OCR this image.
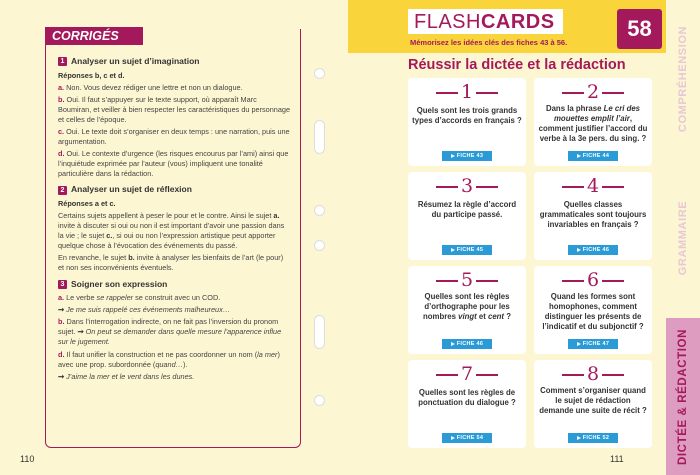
CORRIGÉS
1 Analyser un sujet d’imagination
Réponses b, c et d.

a. Non. Vous devez rédiger une lettre et non un dialogue.

b. Oui. Il faut s’appuyer sur le texte support, où apparaît Marc Boumiran, et veiller à bien respecter les caractéristiques du personnage et celles de l’époque.

c. Oui. Le texte doit s’organiser en deux temps : une narration, puis une argumentation.

d. Oui. Le contexte d’urgence (les risques encourus par l’ami) ainsi que l’inquiétude exprimée par l’auteur (vous) impliquent une tonalité particulière dans la rédaction.

2 Analyser un sujet de réflexion
Réponses a et c.

Certains sujets appellent à peser le pour et le contre. Ainsi le sujet a. invite à discuter si oui ou non il est important d’avoir une passion dans la vie ; le sujet c., si oui ou non l’expression artistique peut apporter quelque chose à l’évocation des événements du passé.

En revanche, le sujet b. invite à analyser les bienfaits de l’art (le pour) et non ses inconvénients éventuels.

3 Soigner son expression

a. Le verbe se rappeler se construit avec un COD.

➞ Je me suis rappelé ces événements malheureux…

b. Dans l’interrogation indirecte, on ne fait pas l’inversion du pronom sujet. ➞ On peut se demander dans quelle mesure l’apparence influe sur le jugement.

d. Il faut unifier la construction et ne pas coordonner un nom (la mer) avec une prop. subordonnée (quand…).

➞ J’aime la mer et le vent dans les dunes.

110
FLASHCARDS
Mémorisez les idées clés des fiches 43 à 56.
58
Réussir la dictée et la rédaction
1
Quels sont les trois grands types d’accords en français ?
FICHE 43
2
Dans la phrase Le cri des mouettes emplit l’air, comment justifier l’accord du verbe à la 3e pers. du sing. ?
FICHE 44
3
Résumez la règle d’accord du participe passé.
FICHE 45
4
Quelles classes grammaticales sont toujours invariables en français ?
FICHE 46
5
Quelles sont les règles d’orthographe pour les nombres vingt et cent ?
FICHE 46
6
Quand les formes sont homophones, comment distinguer les présents de l’indicatif et du subjonctif ?
FICHE 47
7
Quelles sont les règles de ponctuation du dialogue ?
FICHE 54
8
Comment s’organiser quand le sujet de rédaction demande une suite de récit ?
FICHE 52
111
COMPRÉHENSION
GRAMMAIRE
DICTÉE & RÉDACTION
